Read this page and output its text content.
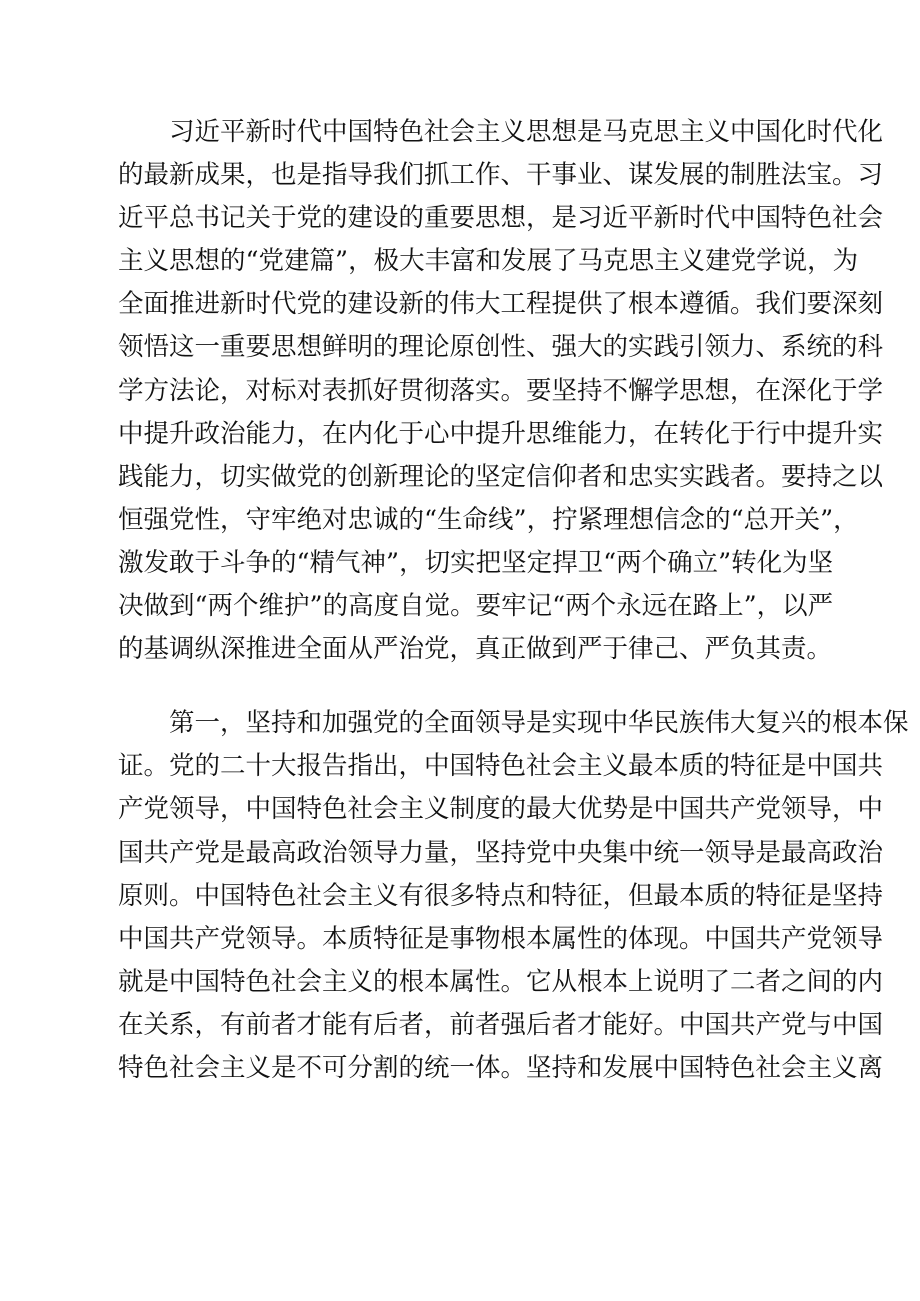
习近平新时代中国特色社会主义思想是马克思主义中国化时代化

的最新成果，也是指导我们抓工作、干事业、谋发展的制胜法宝。习

近平总书记关于党的建设的重要思想，是习近平新时代中国特色社会

主义思想的“党建篇”，极大丰富和发展了马克思主义建党学说，为

全面推进新时代党的建设新的伟大工程提供了根本遵循。我们要深刻

领悟这一重要思想鲜明的理论原创性、强大的实践引领力、系统的科

学方法论，对标对表抓好贯彻落实。要坚持不懈学思想，在深化于学

中提升政治能力，在内化于心中提升思维能力，在转化于行中提升实

践能力，切实做党的创新理论的坚定信仰者和忠实实践者。要持之以

恒强党性，守牢绝对忠诚的“生命线”，拧紧理想信念的“总开关”，

激发敢于斗争的“精气神”，切实把坚定捍卫“两个确立”转化为坚

决做到“两个维护”的高度自觉。要牢记“两个永远在路上”，以严

的基调纵深推进全面从严治党，真正做到严于律己、严负其责。

第一，坚持和加强党的全面领导是实现中华民族伟大复兴的根本保

证。党的二十大报告指出，中国特色社会主义最本质的特征是中国共

产党领导，中国特色社会主义制度的最大优势是中国共产党领导，中

国共产党是最高政治领导力量，坚持党中央集中统一领导是最高政治

原则。中国特色社会主义有很多特点和特征，但最本质的特征是坚持

中国共产党领导。本质特征是事物根本属性的体现。中国共产党领导

就是中国特色社会主义的根本属性。它从根本上说明了二者之间的内

在关系，有前者才能有后者，前者强后者才能好。中国共产党与中国

特色社会主义是不可分割的统一体。坚持和发展中国特色社会主义离
